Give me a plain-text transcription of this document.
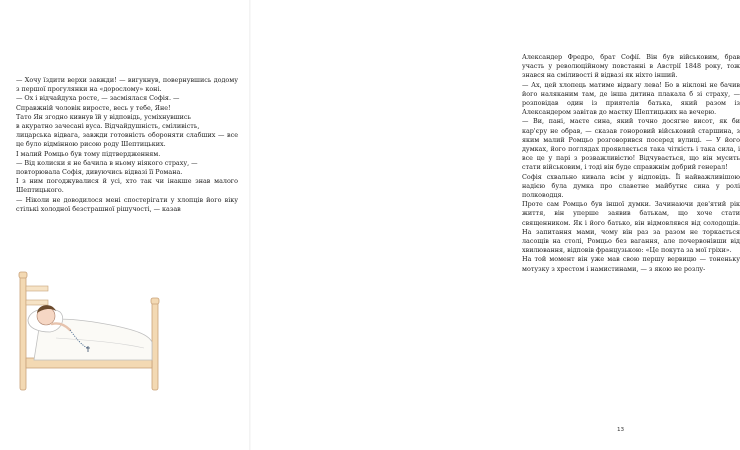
— Хочу їздити верхи завжди! — вигукнув, повернувшись додому з першої прогулянки на «дорослому» коні.

— Ох і відчайдуха росте, — засміялася Софія. —
Справжній чоловік виросте, весь у тебе, Яне!

Тато Ян згодно кивнув їй у відповідь, усміхнувшись
в акуратно зачесані вуса. Відчайдушність, сміливість,
лицарська відвага, завжди готовність обороняти слабших — все це було відмінною рисою роду Шептицьких.
І малий Ромцьо був тому підтвердженням.

— Від колиски я не бачила в ньому ніякого страху, —
повторювала Софія, дивуючись відвазі її Романа.

І з ним погоджувалися й усі, хто так чи інакше знав малого Шептицького.

— Ніколи не доводилося мені спостерігати у хлопців його віку стількі холодної безстрашної рішучості, — казав

Александер Фредро, брат Софії. Він був військовим, брав участь у революційному повстанні в Австрії 1848 року, тож знався на сміливості й відвазі як ніхто інший.

— Ах, цей хлопець матиме відвагу лева! Бо в ніклоні не бачив його наляканим там, де інша дитина плакала б зі страху, — розповідав один із приятелів батька, який разом із Александером завітав до маєтку Шептицьких на вечерю.

— Ви, пані, маєте сина, який точно досягне висот, як би кар'єру не обрав, — сказав гоноровий військовий старшина, з яким малий Ромцьо розговорився посеред вулиці. — У його думках, його поглядах проявляється така чіткість і така сила, і все це у парі з розважливістю! Відчувається, що він мусить стати військовим, і тоді він буде справжнім добрий генерал!

Софія схвально кивала всім у відповідь. Її найважливішою надією була думка про славетне майбутнє сина у ролі полководця.

Проте сам Ромцьо був іншої думки. Зачинаючи дев'ятий рік життя, він уперше заявив батькам, що хоче стати священником. Як і його батько, він відмовлявся від солодощів. На запитання мами, чому він раз за разом не торкається ласощів на столі, Ромцьо без вагання, але почервонівши від хвилювання, відповів французькою: «Це покута за мої гріхи».

На той момент він уже мав свою першу вервицю — тоненьку мотузку з хрестом і намистинами, — з якою не розлу-

13
